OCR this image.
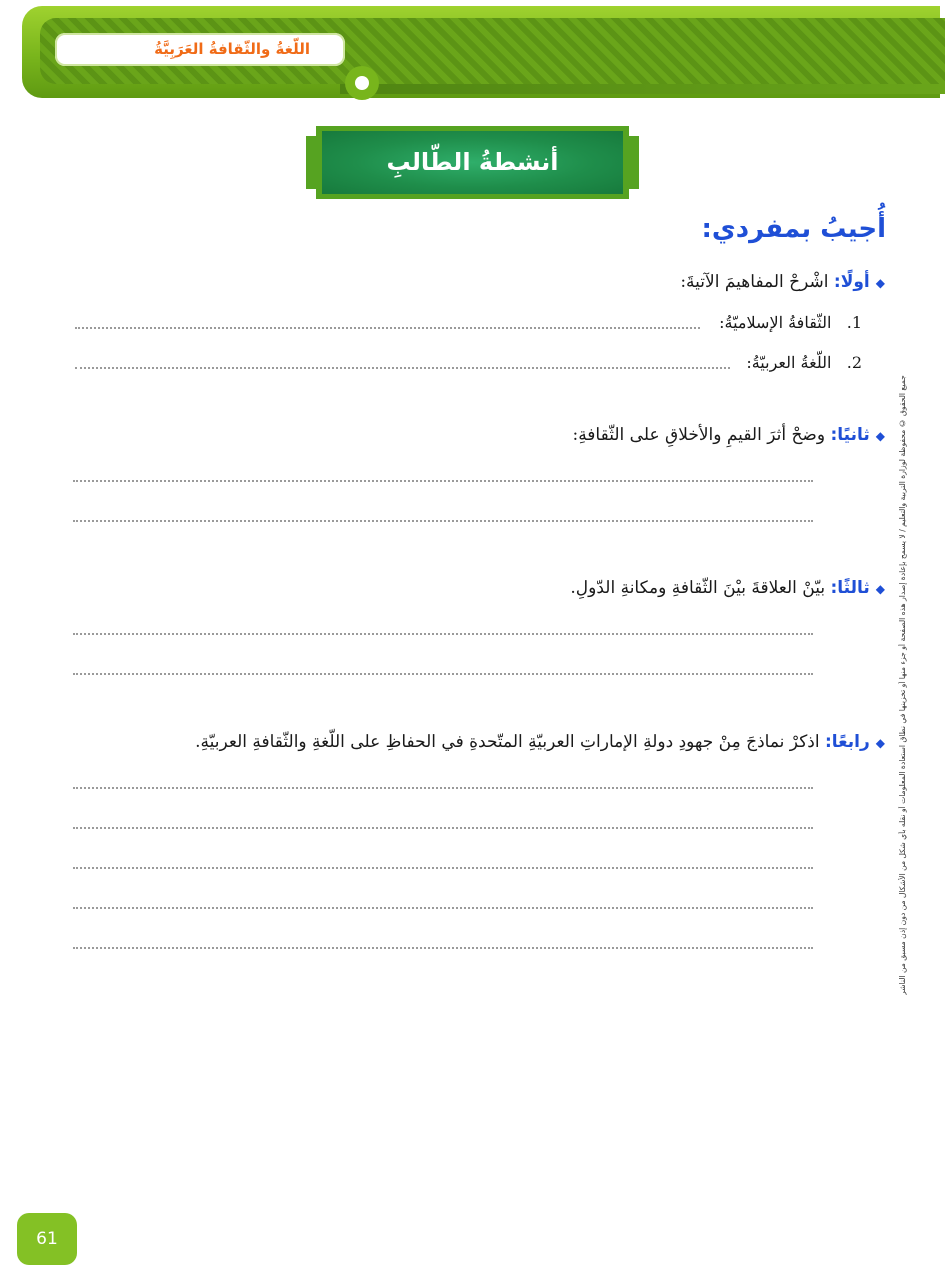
اللّغةُ والثّقافةُ العَرَبِيَّةُ
أنشطةُ الطّالبِ
أُجيبُ بمفردي:
◆أولًا: اشْرحْ المفاهيمَ الآتيةَ:
1.   الثّقافةُ الإسلاميّةُ:
2.   اللّغةُ العربيّةُ:
◆ثانيًا: وضحْ أثرَ القيمِ والأخلاقِ على الثّقافةِ:
◆ثالثًا: بيّنْ العلاقةَ بيْنَ الثّقافةِ ومكانةِ الدّولِ.
◆رابعًا: اذكرْ نماذجَ مِنْ جهودِ دولةِ الإماراتِ العربيّةِ المتّحدةِ في الحفاظِ على اللّغةِ والثّقافةِ العربيّةِ.	جميع الحقوق © محفوظة لوزارة التربية والتعليم / لا يسمح بإعادة إصدار هذه الصفحة أو جزء منها أو تخزينها في نطاق استعادة المعلومات أو نقله بأي شكل من الأشكال من دون إذن مسبق من الناشر
61
